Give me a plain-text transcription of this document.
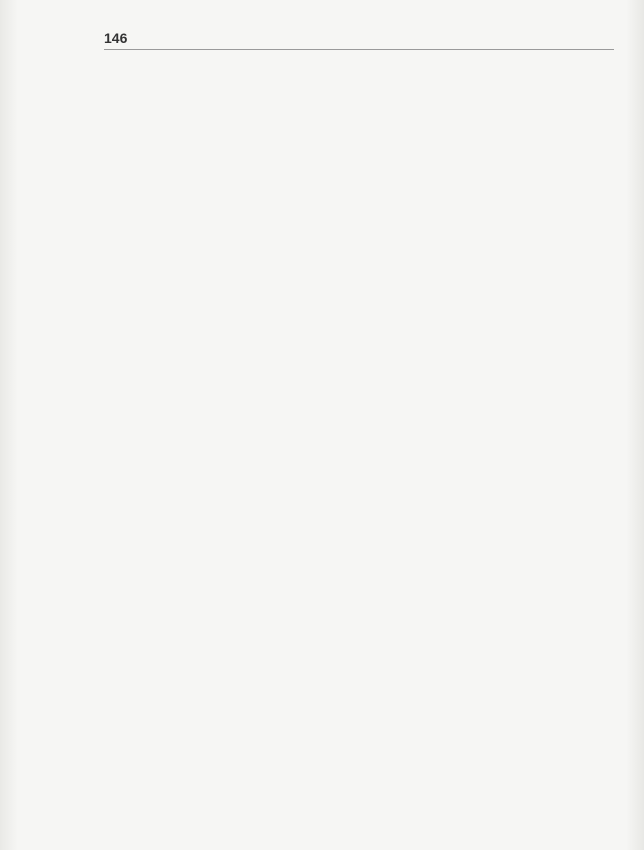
146
